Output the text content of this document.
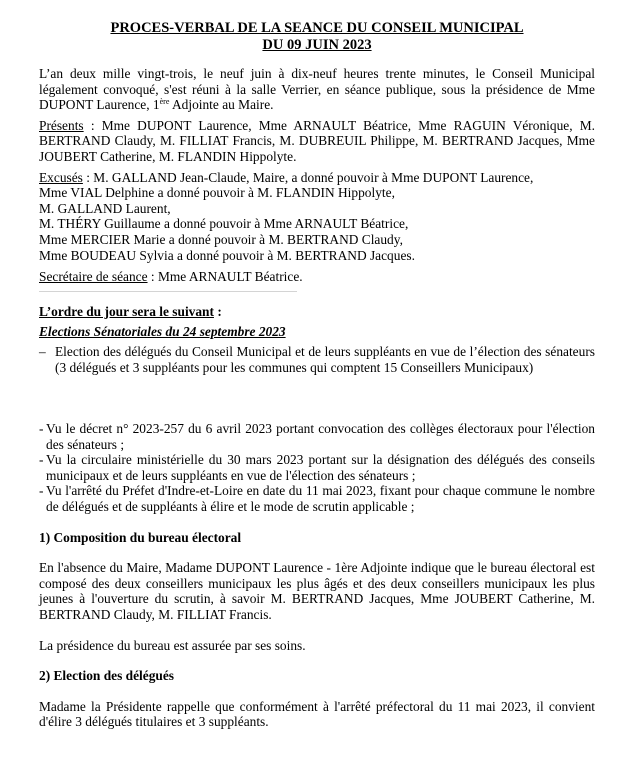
PROCES-VERBAL DE LA SEANCE DU CONSEIL MUNICIPAL

DU 09 JUIN 2023

L’an deux mille vingt-trois, le neuf juin à dix-neuf heures trente minutes, le Conseil Municipal légalement convoqué, s'est réuni à la salle Verrier, en séance publique, sous la présidence de Mme DUPONT Laurence, 1ère Adjointe au Maire.

Présents : Mme DUPONT Laurence, Mme ARNAULT Béatrice, Mme RAGUIN Véronique, M. BERTRAND Claudy, M. FILLIAT Francis, M. DUBREUIL Philippe, M. BERTRAND Jacques, Mme JOUBERT Catherine, M. FLANDIN Hippolyte.

Excusés : M. GALLAND Jean-Claude, Maire, a donné pouvoir à Mme DUPONT Laurence,

Mme VIAL Delphine a donné pouvoir à M. FLANDIN Hippolyte,

M. GALLAND Laurent,

M. THÉRY Guillaume a donné pouvoir à Mme ARNAULT Béatrice,

Mme MERCIER Marie a donné pouvoir à M. BERTRAND Claudy,

Mme BOUDEAU Sylvia a donné pouvoir à M. BERTRAND Jacques.

Secrétaire de séance : Mme ARNAULT Béatrice.

L’ordre du jour sera le suivant :

Elections Sénatoriales du 24 septembre 2023

– Election des délégués du Conseil Municipal et de leurs suppléants en vue de l’élection des sénateurs (3 délégués et 3 suppléants pour les communes qui comptent 15 Conseillers Municipaux)

- Vu le décret n° 2023-257 du 6 avril 2023 portant convocation des collèges électoraux pour l'élection des sénateurs ;

- Vu la circulaire ministérielle du 30 mars 2023 portant sur la désignation des délégués des conseils municipaux et de leurs suppléants en vue de l'élection des sénateurs ;

- Vu l'arrêté du Préfet d'Indre-et-Loire en date du 11 mai 2023, fixant pour chaque commune le nombre de délégués et de suppléants à élire et le mode de scrutin applicable ;

1) Composition du bureau électoral

En l'absence du Maire, Madame DUPONT Laurence - 1ère Adjointe indique que le bureau électoral est composé des deux conseillers municipaux les plus âgés et des deux conseillers municipaux les plus jeunes à l'ouverture du scrutin, à savoir M. BERTRAND Jacques, Mme JOUBERT Catherine, M. BERTRAND Claudy, M. FILLIAT Francis.

La présidence du bureau est assurée par ses soins.

2) Election des délégués

Madame la Présidente rappelle que conformément à l'arrêté préfectoral du 11 mai 2023, il convient d'élire 3 délégués titulaires et 3 suppléants.
